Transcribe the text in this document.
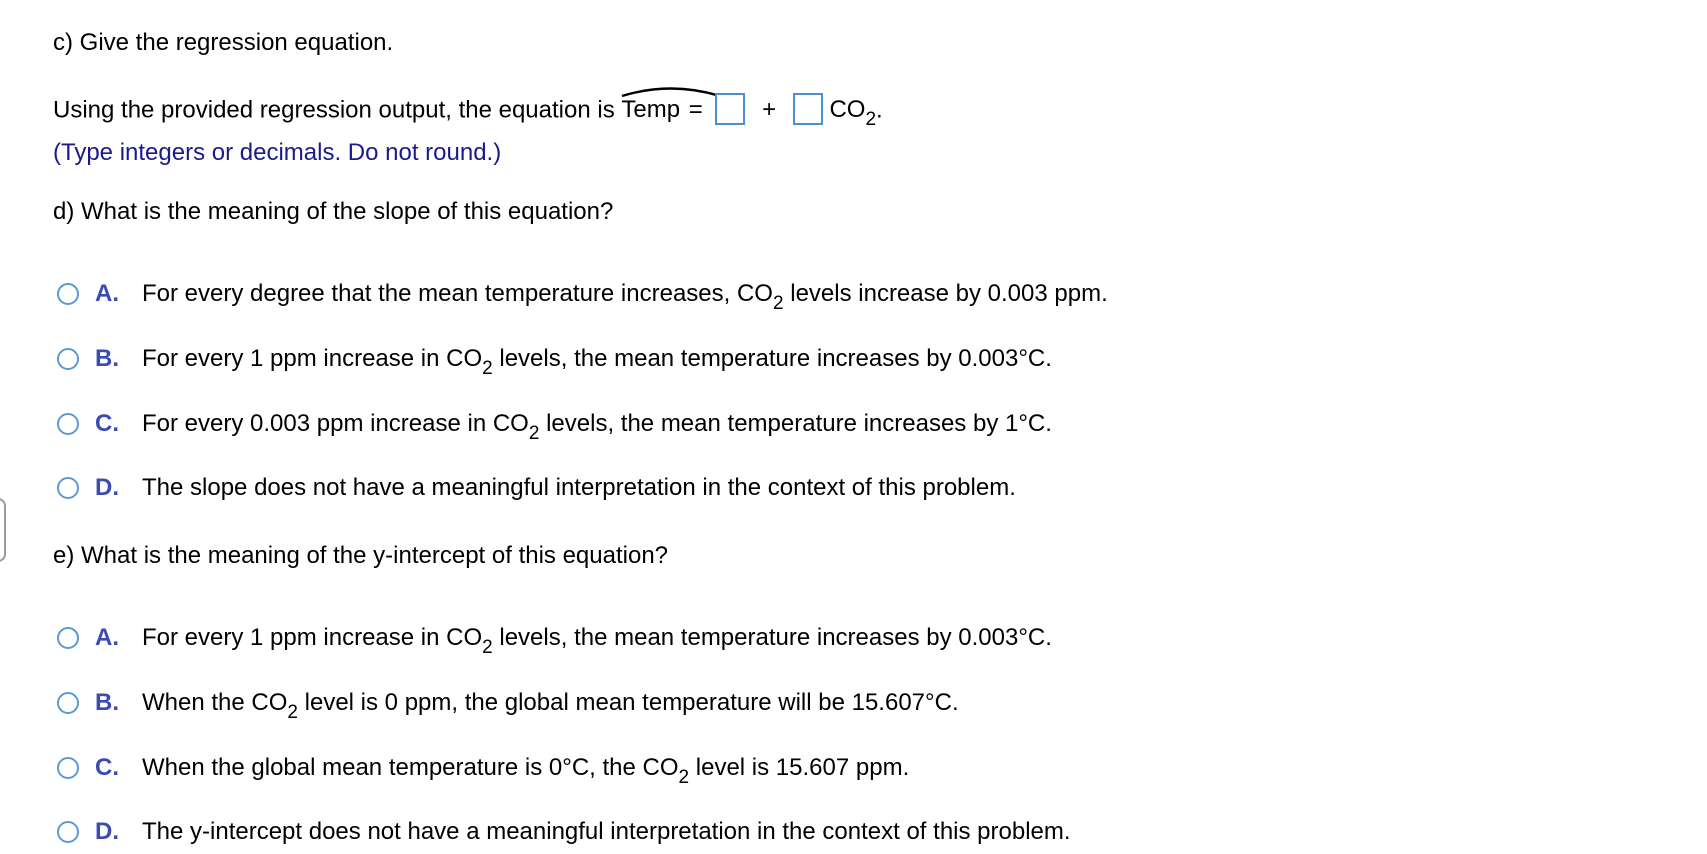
c) Give the regression equation.
Using the provided regression output, the equation is Temp = + $CO_2$.
(Type integers or decimals. Do not round.)
d) What is the meaning of the slope of this equation?
A. For every degree that the mean temperature increases, $CO_2$ levels increase by 0.003 ppm.
B. For every 1 ppm increase in $CO_2$ levels, the mean temperature increases by 0.003°C.
C. For every 0.003 ppm increase in $CO_2$ levels, the mean temperature increases by 1°C.
D. The slope does not have a meaningful interpretation in the context of this problem.
e) What is the meaning of the y-intercept of this equation?
A. For every 1 ppm increase in $CO_2$ levels, the mean temperature increases by 0.003°C.
B. When the $CO_2$ level is 0 ppm, the global mean temperature will be 15.607°C.
C. When the global mean temperature is 0°C, the $CO_2$ level is 15.607 ppm.
D. The y-intercept does not have a meaningful interpretation in the context of this problem.
